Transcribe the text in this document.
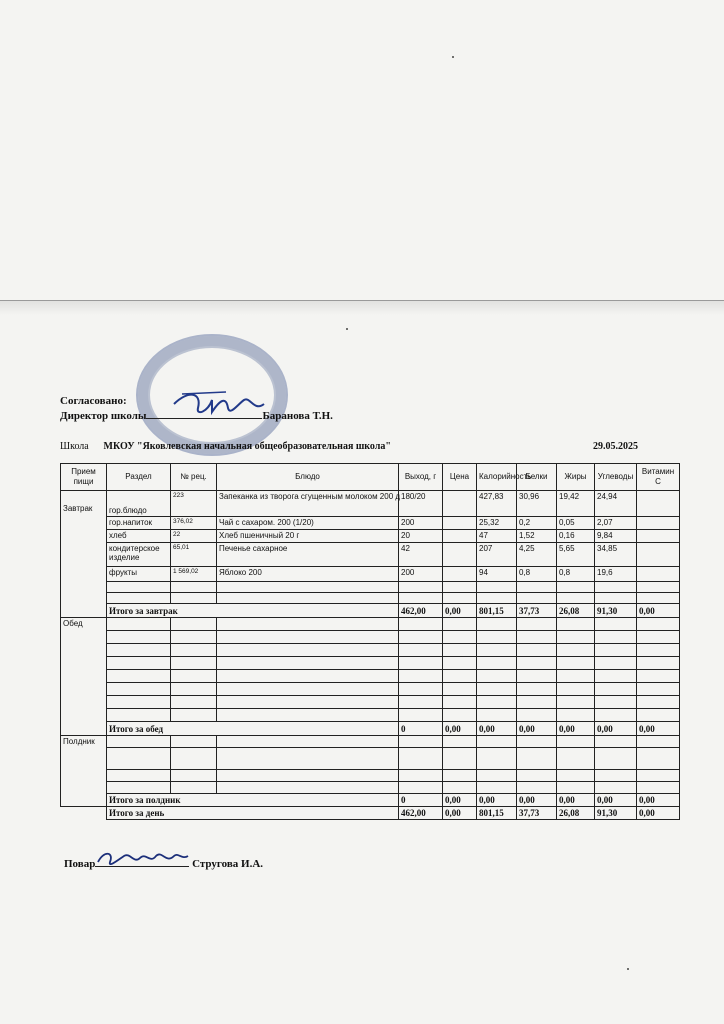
Согласовано:
Директор школы	Баранова Т.Н.
Школа МКОУ "Яковлевская начальная общеобразовательная школа"	29.05.2025
Прием пищи	Раздел	№ рец.	Блюдо	Выход, г	Цена	Калорийность	Белки	Жиры	Углеводы	Витамин С

Завтрак	гор.блюдо	223	Запеканка из творога сгущенным молоком 200 д	180/20		427,83	30,96	19,42	24,94	
	гор.напиток	376,02	Чай с сахаром. 200 (1/20)	200		25,32	0,2	0,05	2,07	
	хлеб	22	Хлеб пшеничный 20 г	20		47	1,52	0,16	9,84	
	кондитерское изделие	65,01	Печенье сахарное	42		207	4,25	5,65	34,85	
	фрукты	1 569,02	Яблоко 200	200		94	0,8	0,8	19,6	

	Итого за завтрак			462,00	0,00	801,15	37,73	26,08	91,30	0,00
Обед										

	Итого за обед			0	0,00	0,00	0,00	0,00	0,00	0,00
Полдник										

	Итого за полдник			0	0,00	0,00	0,00	0,00	0,00	0,00
	Итого за день			462,00	0,00	801,15	37,73	26,08	91,30	0,00
Повар	Стругова И.А.
